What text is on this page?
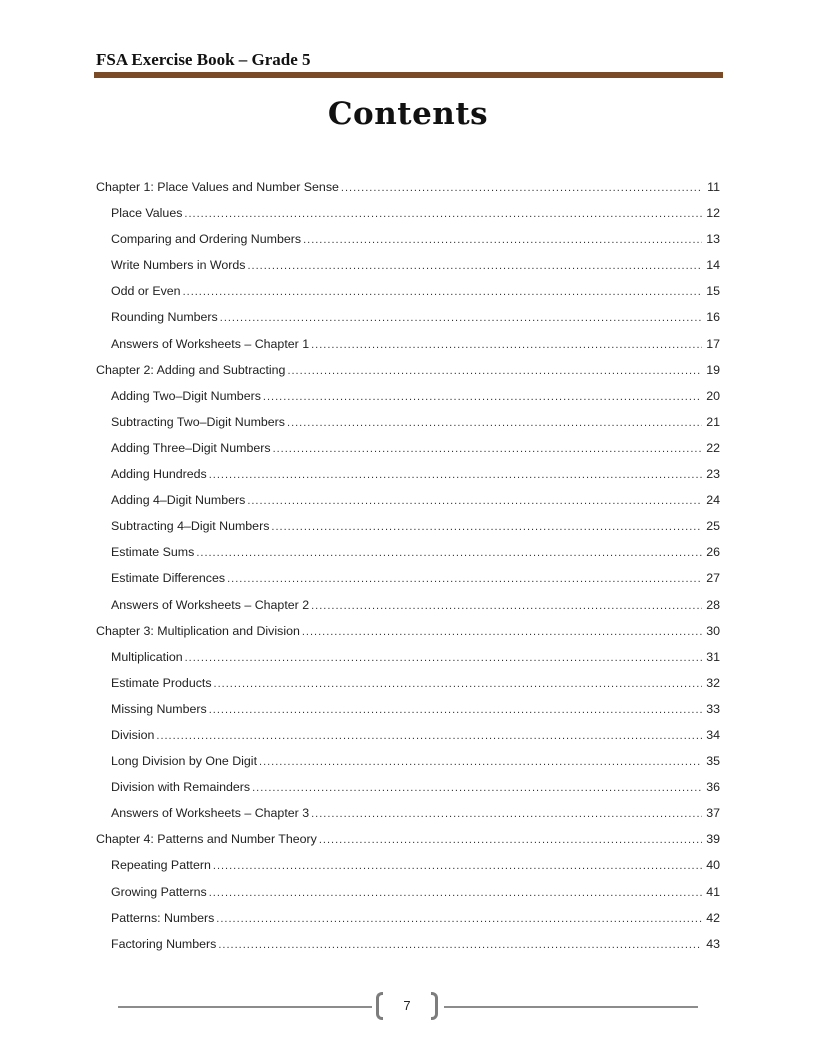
FSA Exercise Book – Grade 5
Contents
Chapter 1: Place Values and Number Sense .....	11
Place Values .....	12
Comparing and Ordering Numbers .....	13
Write Numbers in Words .....	14
Odd or Even .....	15
Rounding Numbers .....	16
Answers of Worksheets – Chapter 1 .....	17
Chapter 2: Adding and Subtracting .....	19
Adding Two–Digit Numbers .....	20
Subtracting Two–Digit Numbers .....	21
Adding Three–Digit Numbers .....	22
Adding Hundreds .....	23
Adding 4–Digit Numbers .....	24
Subtracting 4–Digit Numbers .....	25
Estimate Sums .....	26
Estimate Differences .....	27
Answers of Worksheets – Chapter 2 .....	28
Chapter 3: Multiplication and Division .....	30
Multiplication .....	31
Estimate Products .....	32
Missing Numbers .....	33
Division .....	34
Long Division by One Digit .....	35
Division with Remainders .....	36
Answers of Worksheets – Chapter 3 .....	37
Chapter 4: Patterns and Number Theory .....	39
Repeating Pattern .....	40
Growing Patterns .....	41
Patterns: Numbers .....	42
Factoring Numbers .....	43
7
